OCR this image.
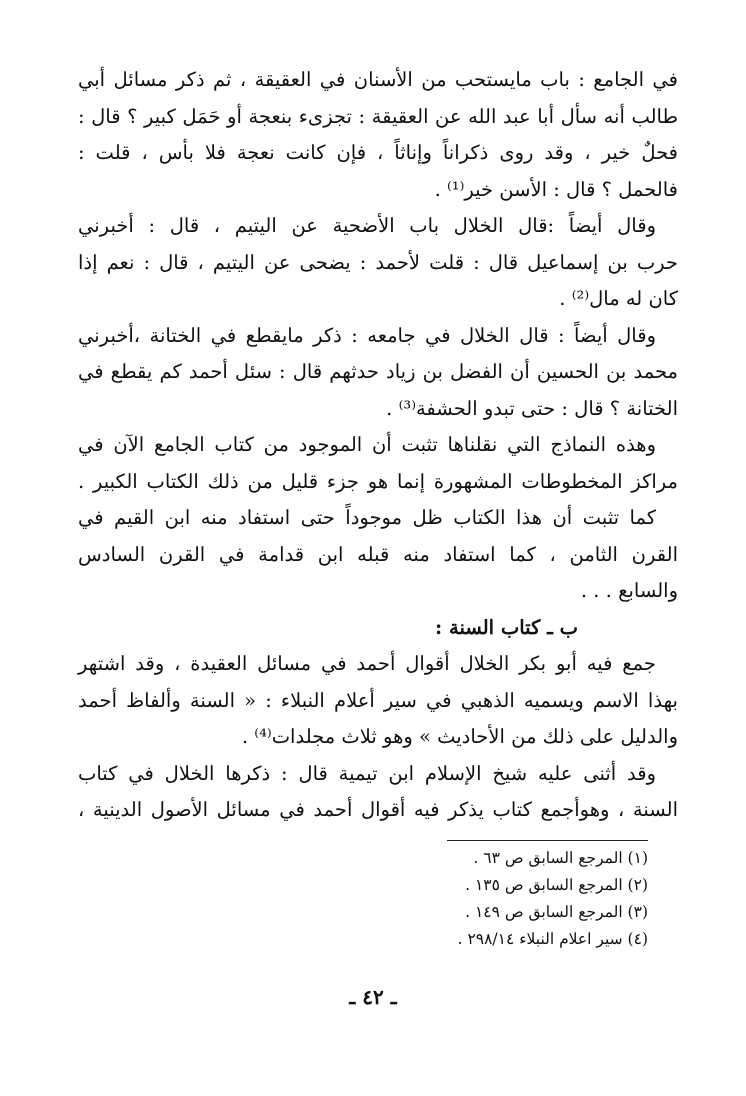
في الجامع : باب مايستحب من الأسنان في العقيقة ، ثم ذكر مسائل أبي
طالب أنه سأل أبا عبد الله عن العقيقة : تجزىء بنعجة أو حَمَل كبير ؟ قال :
فحلٌ خير ، وقد روى ذكراناً وإناثاً ، فإن كانت نعجة فلا بأس ، قلت :
فالحمل ؟ قال : الأسن خير⁽¹⁾ .
وقال أيضاً :قال الخلال باب الأضحية عن اليتيم ، قال : أخبرني
حرب بن إسماعيل قال : قلت لأحمد : يضحى عن اليتيم ، قال : نعم إذا
كان له مال⁽²⁾ .
وقال أيضاً : قال الخلال في جامعه : ذكر مايقطع في الختانة ،أخبرني
محمد بن الحسين أن الفضل بن زياد حدثهم قال : سئل أحمد كم يقطع في
الختانة ؟ قال : حتى تبدو الحشفة⁽³⁾ .
وهذه النماذج التي نقلناها تثبت أن الموجود من كتاب الجامع الآن في
مراكز المخطوطات المشهورة إنما هو جزء قليل من ذلك الكتاب الكبير .
كما تثبت أن هذا الكتاب ظل موجوداً حتى استفاد منه ابن القيم في
القرن الثامن ، كما استفاد منه قبله ابن قدامة في القرن السادس
والسابع . . .
ب ـ كتاب السنة :
جمع فيه أبو بكر الخلال أقوال أحمد في مسائل العقيدة ، وقد اشتهر
بهذا الاسم ويسميه الذهبي في سير أعلام النبلاء : « السنة وألفاظ أحمد
والدليل على ذلك من الأحاديث » وهو ثلاث مجلدات⁽⁴⁾ .
وقد أثنى عليه شيخ الإسلام ابن تيمية قال : ذكرها الخلال في كتاب
السنة ، وهوأجمع كتاب يذكر فيه أقوال أحمد في مسائل الأصول الدينية ،
(١) المرجع السابق ص ٦٣ .
(٢) المرجع السابق ص ١٣٥ .
(٣) المرجع السابق ص ١٤٩ .
(٤) سير اعلام النبلاء ٢٩٨/١٤ .
ـ ٤٢ ـ
